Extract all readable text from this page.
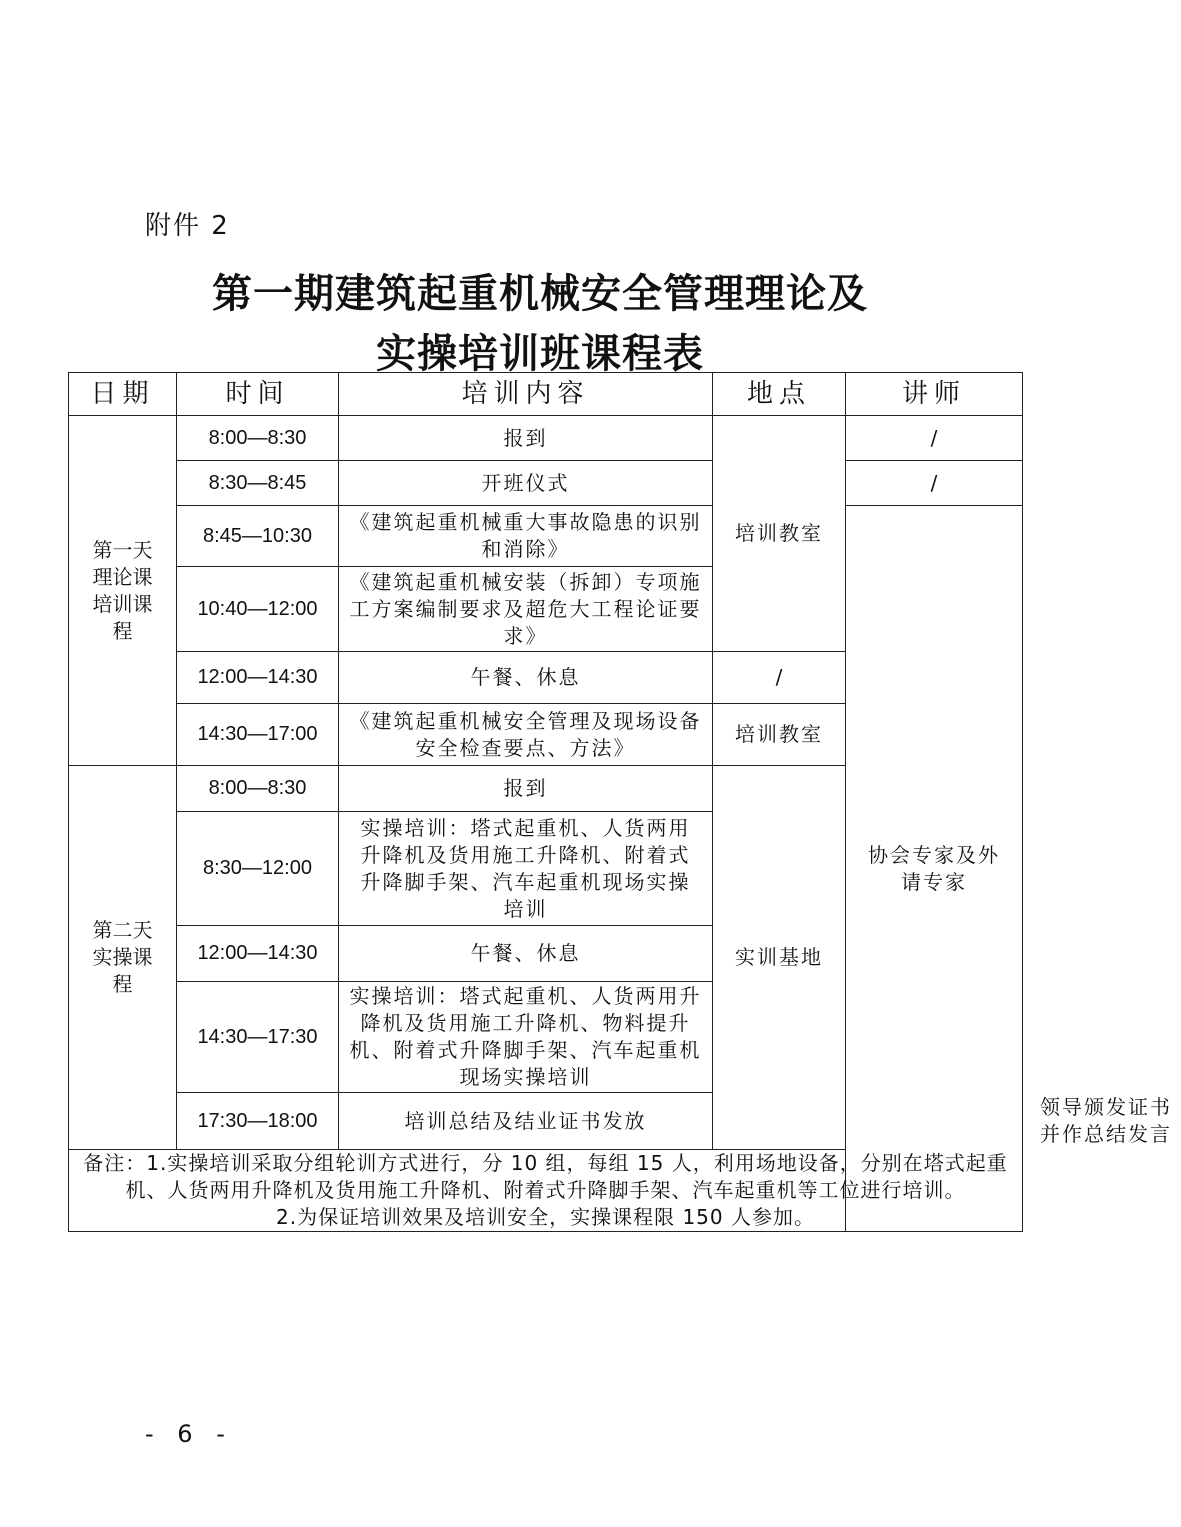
附件 2
第一期建筑起重机械安全管理理论及
实操培训班课程表
日期	时间	培训内容	地点	讲师	

第一天理论课培训课程	8:00—8:30	报到	培训教室	/	
	8:30—8:45	开班仪式		/	
	8:45—10:30	《建筑起重机械重大事故隐患的识别和消除》		协会专家及外请专家	

	10:40—12:00	《建筑起重机械安装（拆卸）专项施工方案编制要求及超危大工程论证要求》			
	12:00—14:30	午餐、休息	/		
	14:30—17:00	《建筑起重机械安全管理及现场设备安全检查要点、方法》	培训教室		

第二天实操课程	8:00—8:30	报到	实训基地		
	8:30—12:00	实操培训：塔式起重机、人货两用升降机及货用施工升降机、附着式升降脚手架、汽车起重机现场实操培训			
	12:00—14:30	午餐、休息			
	14:30—17:30	实操培训：塔式起重机、人货两用升降机及货用施工升降机、物料提升机、附着式升降脚手架、汽车起重机现场实操培训			
	17:30—18:00	培训总结及结业证书发放			领导颁发证书并作总结发言

备注：1.实操培训采取分组轮训方式进行，分 10 组，每组 15 人，利用场地设备，分别在塔式起重机、人货两用升降机及货用施工升降机、附着式升降脚手架、汽车起重机等工位进行培训。
2.为保证培训效果及培训安全，实操课程限 150 人参加。					
- 6 -
